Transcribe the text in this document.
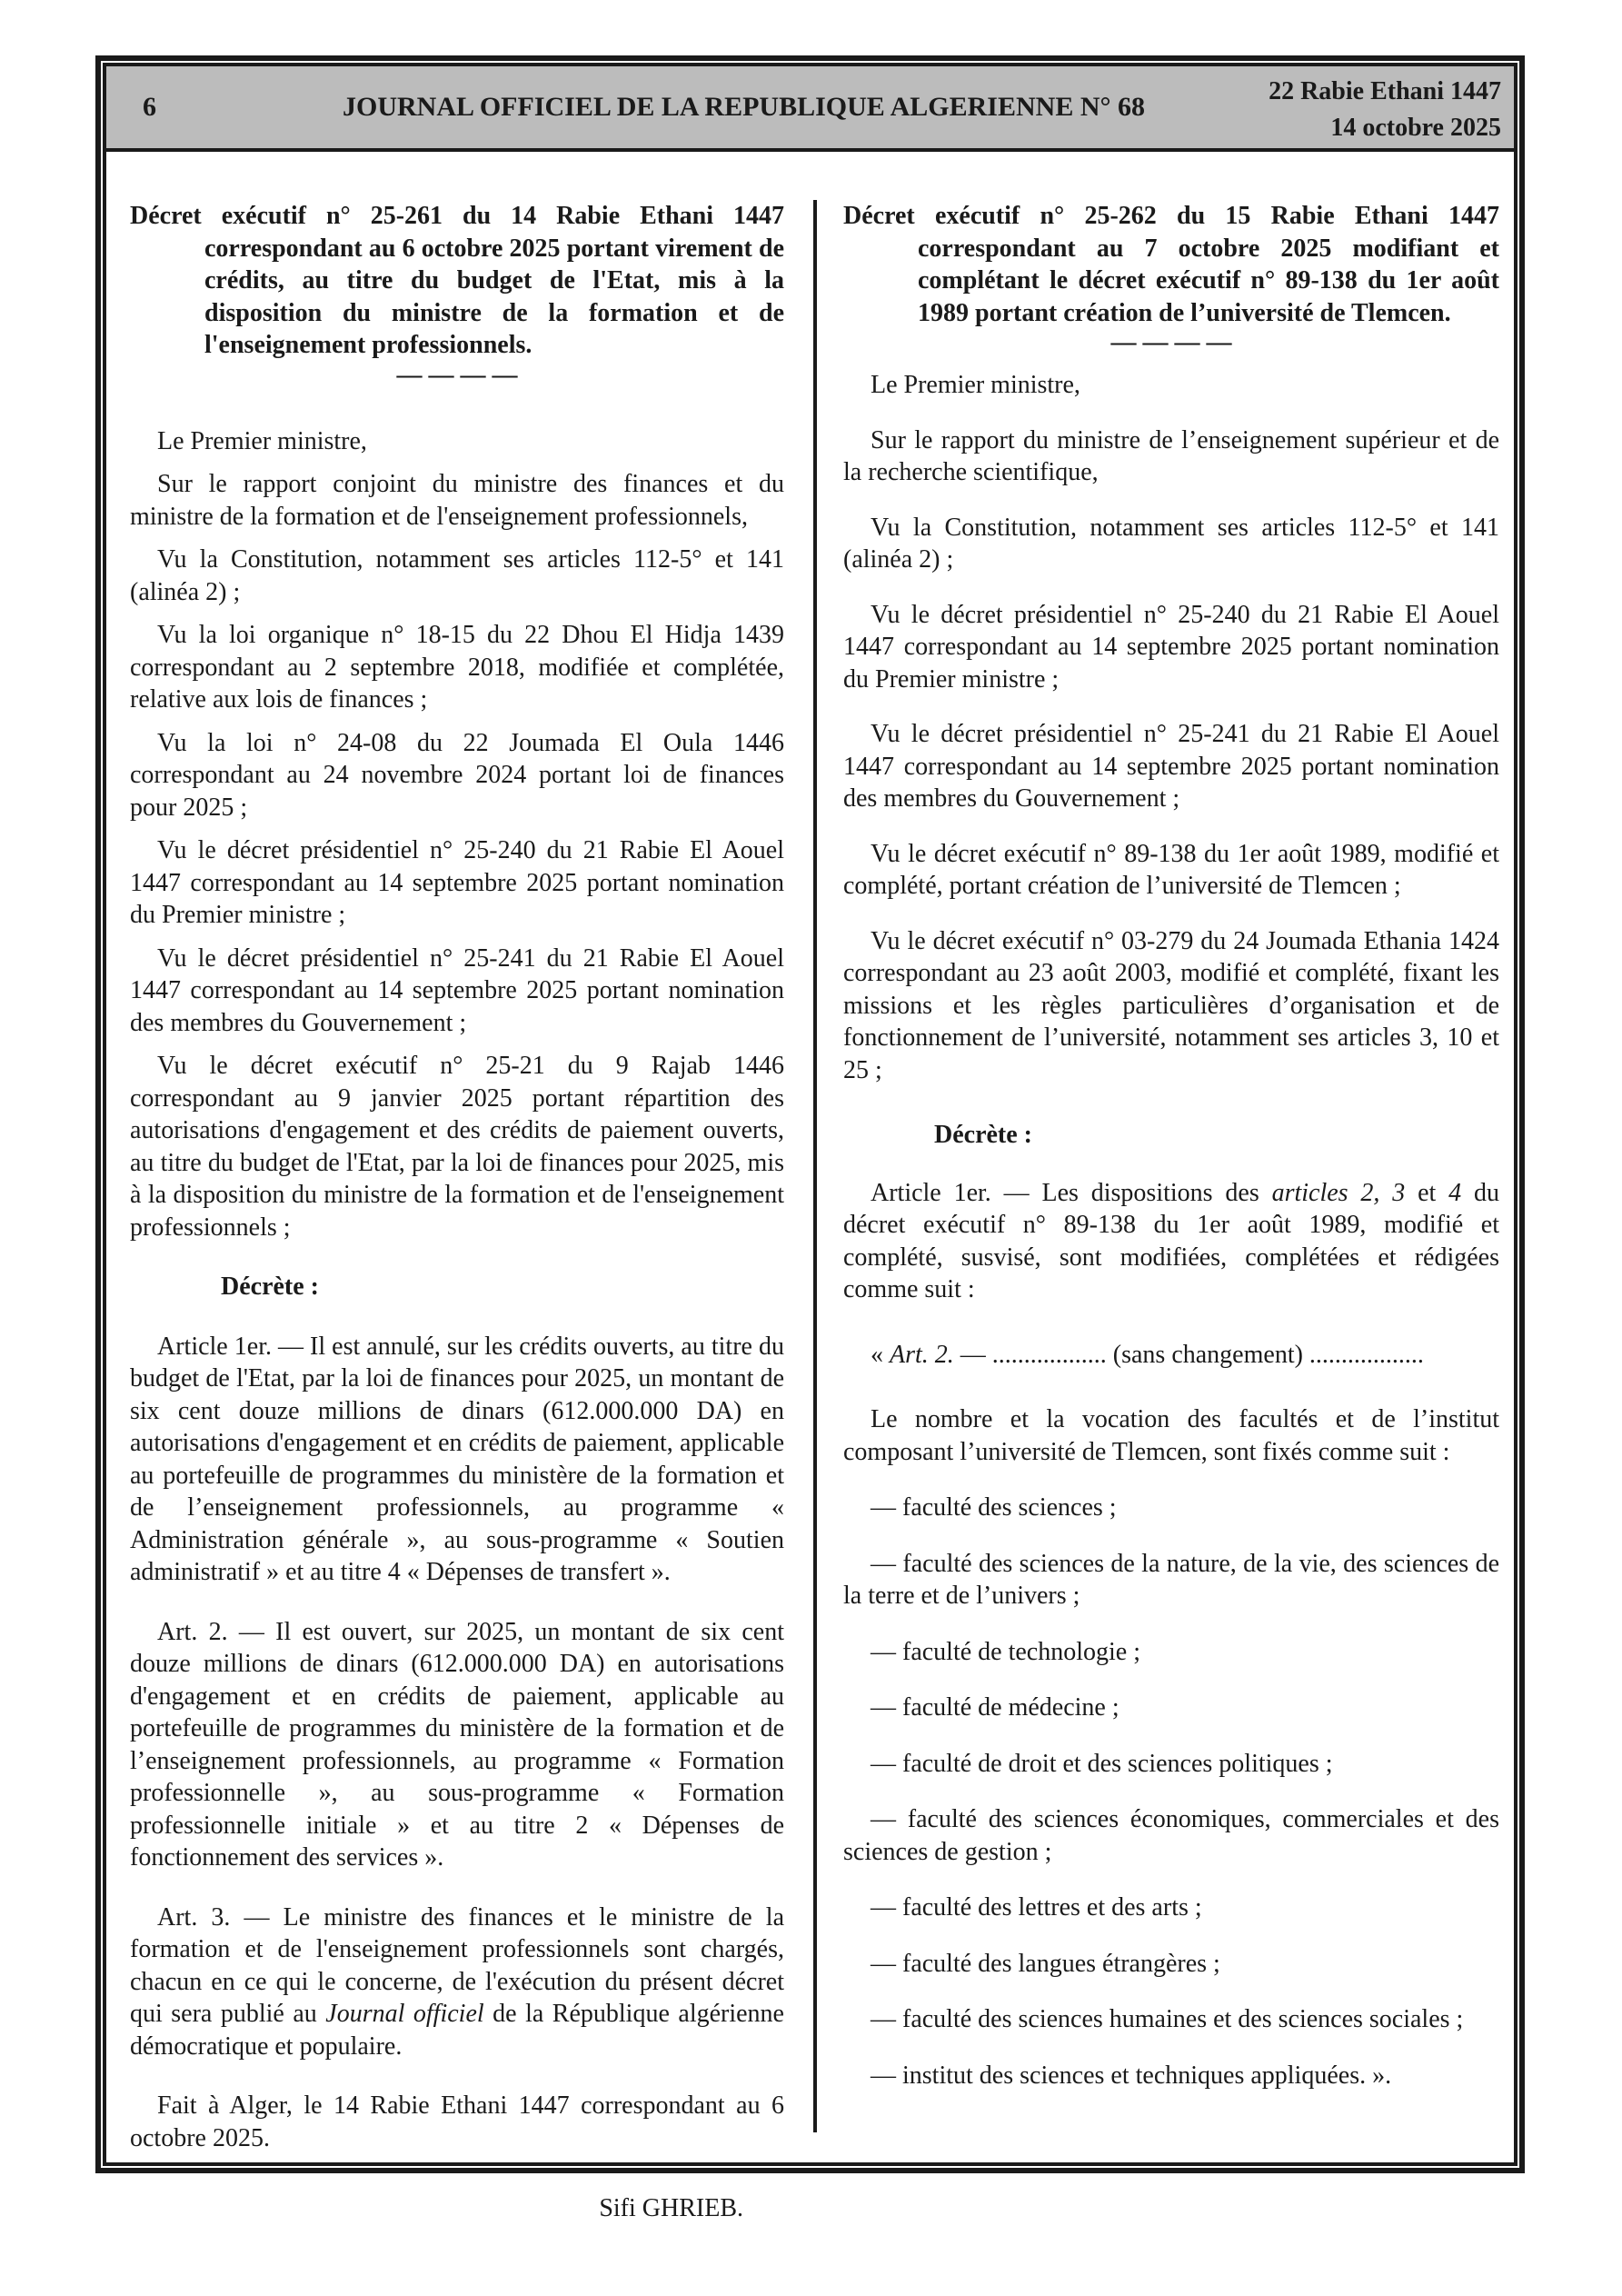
6	JOURNAL OFFICIEL DE LA REPUBLIQUE ALGERIENNE N° 68
22 Rabie Ethani 1447
14 octobre 2025
Décret exécutif n° 25-261 du 14 Rabie Ethani 1447 correspondant au 6 octobre 2025 portant virement de crédits, au titre du budget de l'Etat, mis à la disposition du ministre de la formation et de l'enseignement professionnels.
— — — —

Le Premier ministre,

Sur le rapport conjoint du ministre des finances et du ministre de la formation et de l'enseignement professionnels,

Vu la Constitution, notamment ses articles 112-5° et 141 (alinéa 2) ;

Vu la loi organique n° 18-15 du 22 Dhou El Hidja 1439 correspondant au 2 septembre 2018, modifiée et complétée, relative aux lois de finances ;

Vu la loi n° 24-08 du 22 Joumada El Oula 1446 correspondant au 24 novembre 2024 portant loi de finances pour 2025 ;

Vu le décret présidentiel n° 25-240 du 21 Rabie El Aouel 1447 correspondant au 14 septembre 2025 portant nomination du Premier ministre ;

Vu le décret présidentiel n° 25-241 du 21 Rabie El Aouel 1447 correspondant au 14 septembre 2025 portant nomination des membres du Gouvernement ;

Vu le décret exécutif n° 25-21 du 9 Rajab 1446 correspondant au 9 janvier 2025 portant répartition des autorisations d'engagement et des crédits de paiement ouverts, au titre du budget de l'Etat, par la loi de finances pour 2025, mis à la disposition du ministre de la formation et de l'enseignement professionnels ;

Décrète :

Article 1er. — Il est annulé, sur les crédits ouverts, au titre du budget de l'Etat, par la loi de finances pour 2025, un montant de six cent douze millions de dinars (612.000.000 DA) en autorisations d'engagement et en crédits de paiement, applicable au portefeuille de programmes du ministère de la formation et de l’enseignement professionnels, au programme « Administration générale », au sous-programme « Soutien administratif » et au titre 4 « Dépenses de transfert ».

Art. 2. — Il est ouvert, sur 2025, un montant de six cent douze millions de dinars (612.000.000 DA) en autorisations d'engagement et en crédits de paiement, applicable au portefeuille de programmes du ministère de la formation et de l’enseignement professionnels, au programme « Formation professionnelle », au sous-programme « Formation professionnelle initiale » et au titre 2 « Dépenses de fonctionnement des services ».

Art. 3. — Le ministre des finances et le ministre de la formation et de l'enseignement professionnels sont chargés, chacun en ce qui le concerne, de l'exécution du présent décret qui sera publié au Journal officiel de la République algérienne démocratique et populaire.

Fait à Alger, le 14 Rabie Ethani 1447 correspondant au 6 octobre 2025.

Sifi GHRIEB.

Décret exécutif n° 25-262 du 15 Rabie Ethani 1447 correspondant au 7 octobre 2025 modifiant et complétant le décret exécutif n° 89-138 du 1er août 1989 portant création de l’université de Tlemcen.
— — — —

Le Premier ministre,

Sur le rapport du ministre de l’enseignement supérieur et de la recherche scientifique,

Vu la Constitution, notamment ses articles 112-5° et 141 (alinéa 2) ;

Vu le décret présidentiel n° 25-240 du 21 Rabie El Aouel 1447 correspondant au 14 septembre 2025 portant nomination du Premier ministre ;

Vu le décret présidentiel n° 25-241 du 21 Rabie El Aouel 1447 correspondant au 14 septembre 2025 portant nomination des membres du Gouvernement ;

Vu le décret exécutif n° 89-138 du 1er août 1989, modifié et complété, portant création de l’université de Tlemcen ;

Vu le décret exécutif n° 03-279 du 24 Joumada Ethania 1424 correspondant au 23 août 2003, modifié et complété, fixant les missions et les règles particulières d’organisation et de fonctionnement de l’université, notamment ses articles 3, 10 et 25 ;

Décrète :

Article 1er. — Les dispositions des articles 2, 3 et 4 du décret exécutif n° 89-138 du 1er août 1989, modifié et complété, susvisé, sont modifiées, complétées et rédigées comme suit :

« Art. 2. — .................. (sans changement) ..................

Le nombre et la vocation des facultés et de l’institut composant l’université de Tlemcen, sont fixés comme suit :

— faculté des sciences ;

— faculté des sciences de la nature, de la vie, des sciences de la terre et de l’univers ;

— faculté de technologie ;

— faculté de médecine ;

— faculté de droit et des sciences politiques ;

— faculté des sciences économiques, commerciales et des sciences de gestion ;

— faculté des lettres et des arts ;

— faculté des langues étrangères ;

— faculté des sciences humaines et des sciences sociales ;

— institut des sciences et techniques appliquées. ».
